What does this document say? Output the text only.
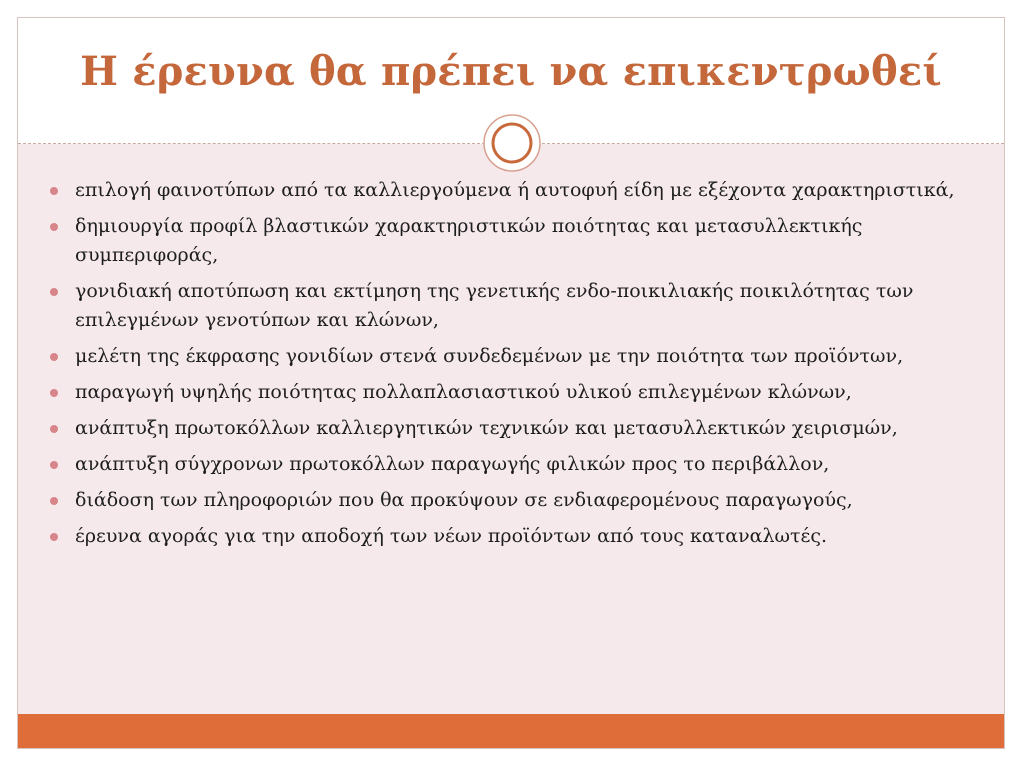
Η έρευνα θα πρέπει να επικεντρωθεί
επιλογή φαινοτύπων από τα καλλιεργούμενα ή αυτοφυή είδη με εξέχοντα χαρακτηριστικά,
δημιουργία προφίλ βλαστικών χαρακτηριστικών ποιότητας και μετασυλλεκτικής συμπεριφοράς,
γονιδιακή αποτύπωση και εκτίμηση της γενετικής ενδο-ποικιλιακής ποικιλότητας των επιλεγμένων γενοτύπων και κλώνων,
μελέτη της έκφρασης γονιδίων στενά συνδεδεμένων με την ποιότητα των προϊόντων,
παραγωγή υψηλής ποιότητας πολλαπλασιαστικού υλικού επιλεγμένων κλώνων,
ανάπτυξη πρωτοκόλλων καλλιεργητικών τεχνικών και μετασυλλεκτικών χειρισμών,
ανάπτυξη σύγχρονων πρωτοκόλλων παραγωγής φιλικών προς το περιβάλλον,
διάδοση των πληροφοριών που θα προκύψουν σε ενδιαφερομένους παραγωγούς,
έρευνα αγοράς για την αποδοχή των νέων προϊόντων από τους καταναλωτές.
